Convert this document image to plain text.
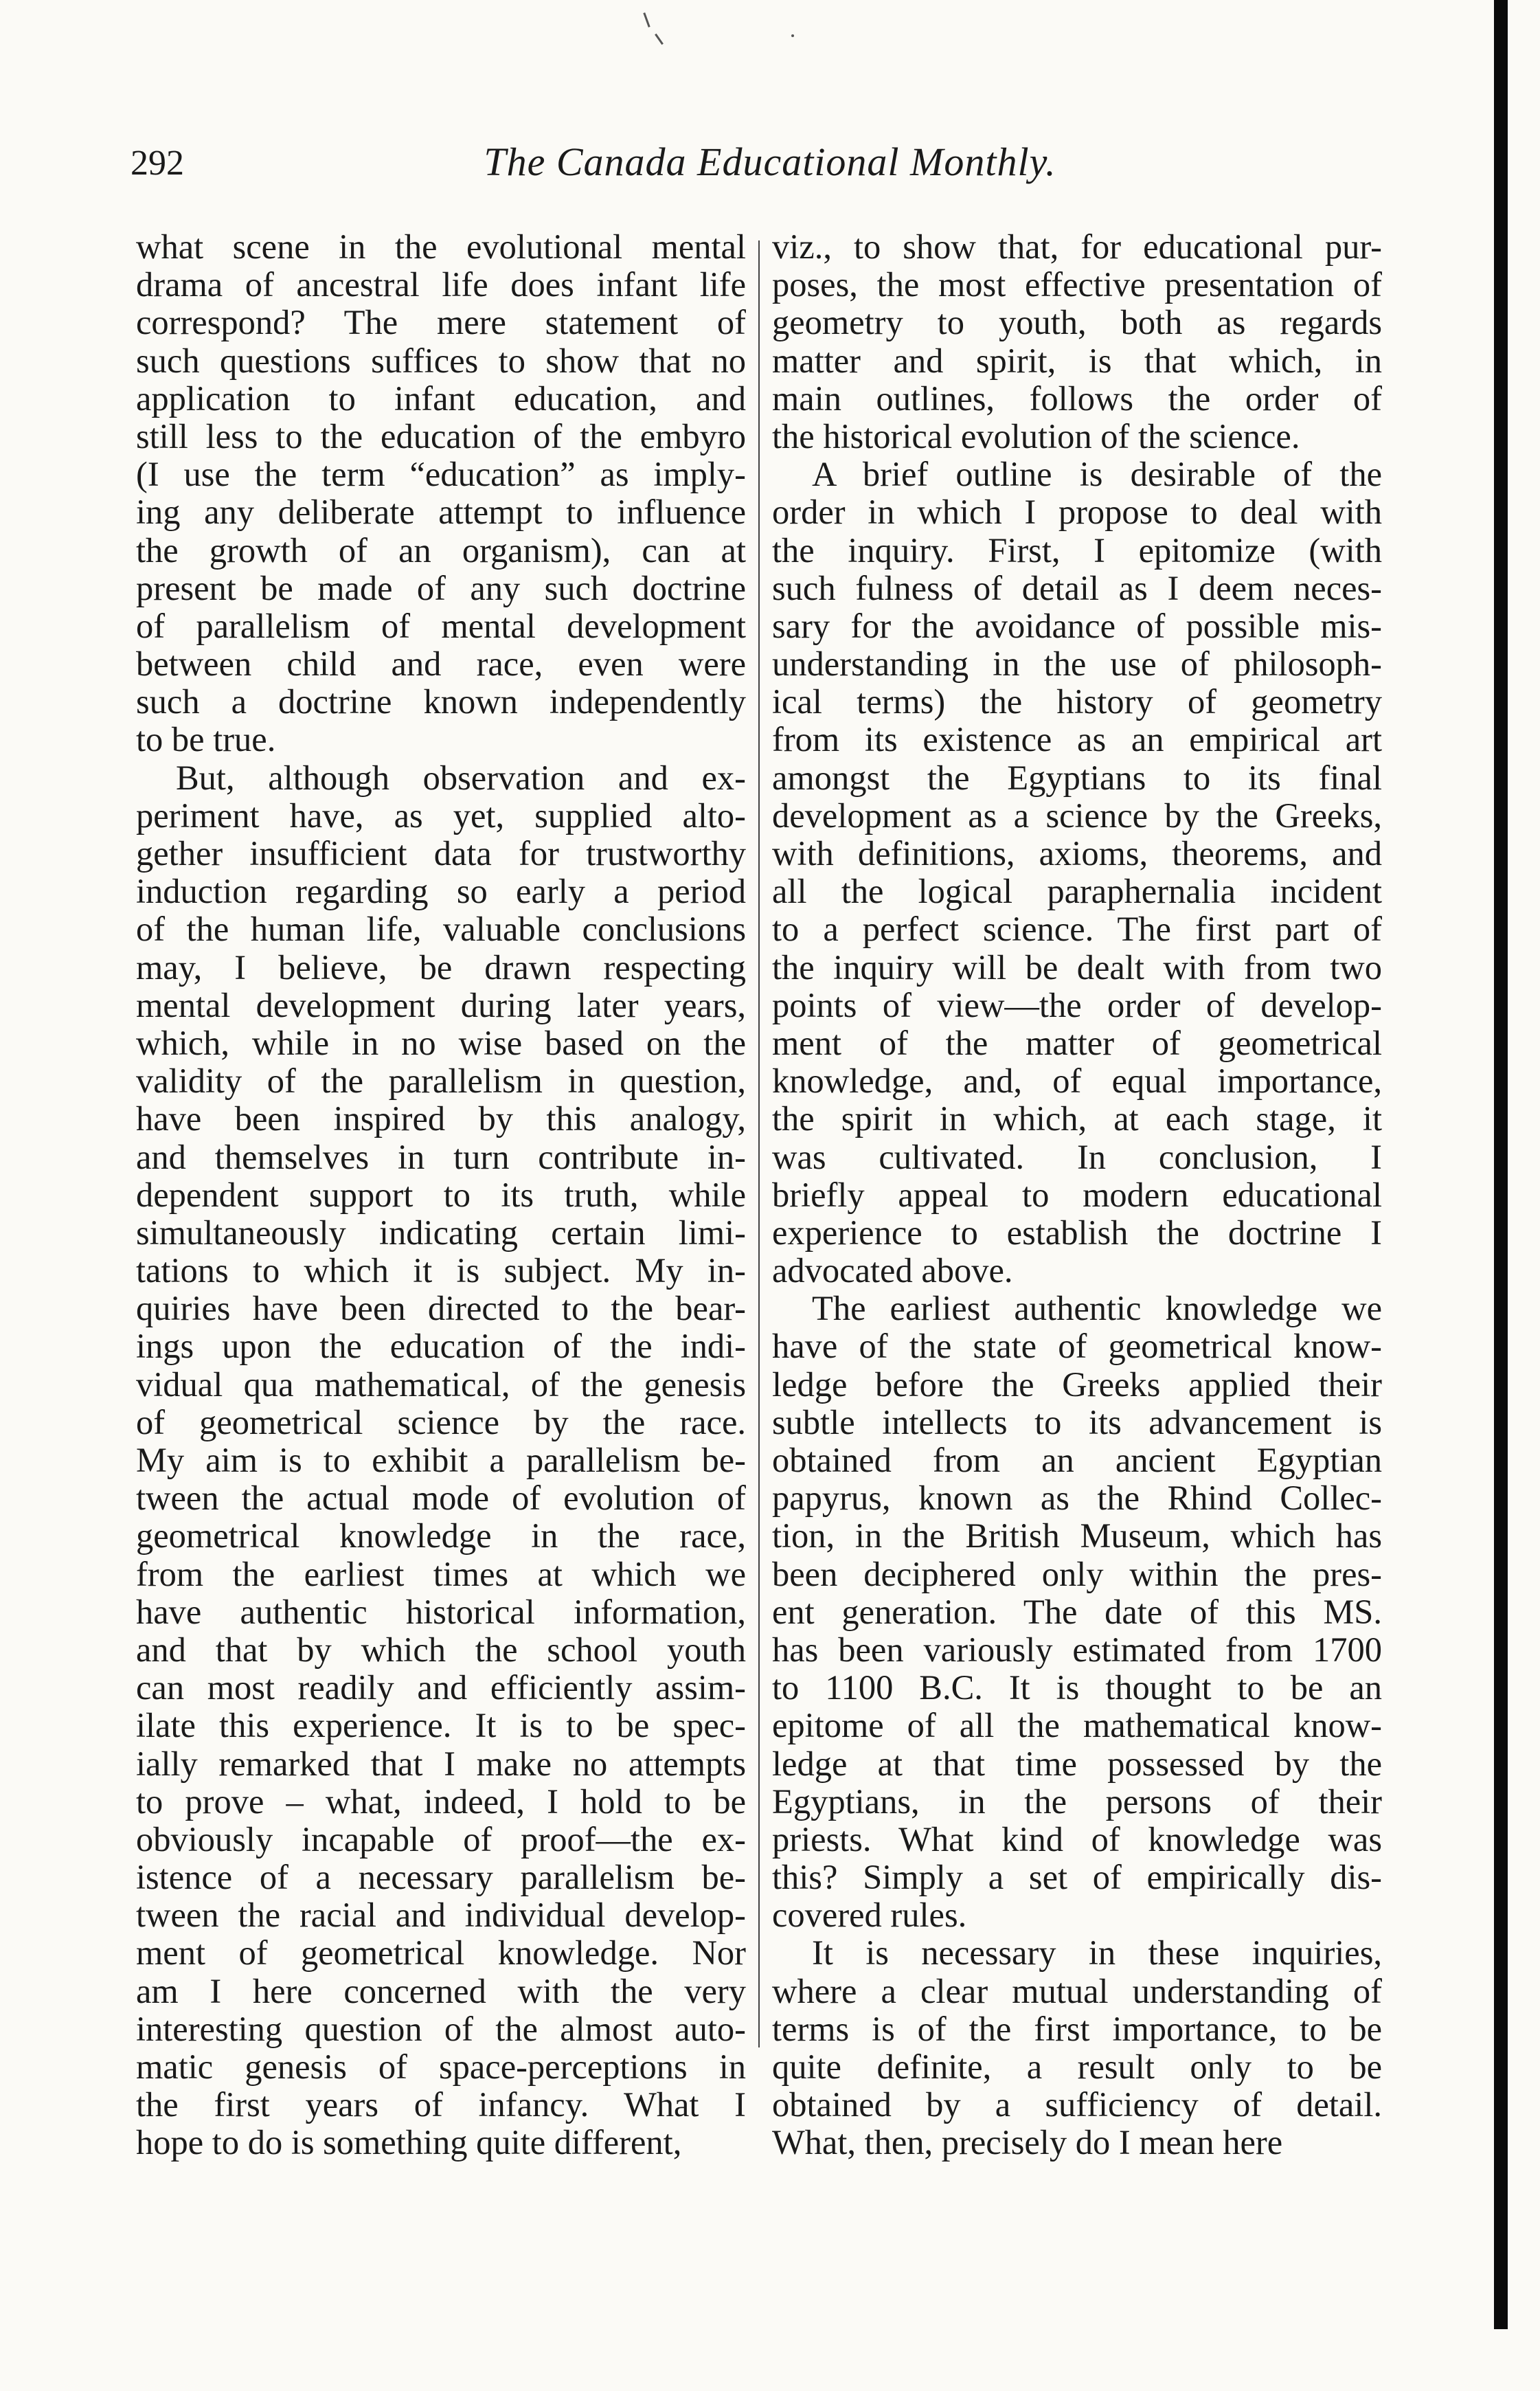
292	The Canada Educational Monthly.
what scene in the evolutional mental
drama of ancestral life does infant life
correspond? The mere statement of
such questions suffices to show that no
application to infant education, and
still less to the education of the embyro
(I use the term “education” as imply-
ing any deliberate attempt to influence
the growth of an organism), can at
present be made of any such doctrine
of parallelism of mental development
between child and race, even were
such a doctrine known independently
to be true.
But, although observation and ex-
periment have, as yet, supplied alto-
gether insufficient data for trustworthy
induction regarding so early a period
of the human life, valuable conclusions
may, I believe, be drawn respecting
mental development during later years,
which, while in no wise based on the
validity of the parallelism in question,
have been inspired by this analogy,
and themselves in turn contribute in-
dependent support to its truth, while
simultaneously indicating certain limi-
tations to which it is subject. My in-
quiries have been directed to the bear-
ings upon the education of the indi-
vidual qua mathematical, of the genesis
of geometrical science by the race.
My aim is to exhibit a parallelism be-
tween the actual mode of evolution of
geometrical knowledge in the race,
from the earliest times at which we
have authentic historical information,
and that by which the school youth
can most readily and efficiently assim-
ilate this experience. It is to be spec-
ially remarked that I make no attempts
to prove – what, indeed, I hold to be
obviously incapable of proof—the ex-
istence of a necessary parallelism be-
tween the racial and individual develop-
ment of geometrical knowledge. Nor
am I here concerned with the very
interesting question of the almost auto-
matic genesis of space-perceptions in
the first years of infancy. What I
hope to do is something quite different,
viz., to show that, for educational pur-
poses, the most effective presentation of
geometry to youth, both as regards
matter and spirit, is that which, in
main outlines, follows the order of
the historical evolution of the science.
A brief outline is desirable of the
order in which I propose to deal with
the inquiry. First, I epitomize (with
such fulness of detail as I deem neces-
sary for the avoidance of possible mis-
understanding in the use of philosoph-
ical terms) the history of geometry
from its existence as an empirical art
amongst the Egyptians to its final
development as a science by the Greeks,
with definitions, axioms, theorems, and
all the logical paraphernalia incident
to a perfect science. The first part of
the inquiry will be dealt with from two
points of view—the order of develop-
ment of the matter of geometrical
knowledge, and, of equal importance,
the spirit in which, at each stage, it
was cultivated. In conclusion, I
briefly appeal to modern educational
experience to establish the doctrine I
advocated above.
The earliest authentic knowledge we
have of the state of geometrical know-
ledge before the Greeks applied their
subtle intellects to its advancement is
obtained from an ancient Egyptian
papyrus, known as the Rhind Collec-
tion, in the British Museum, which has
been deciphered only within the pres-
ent generation. The date of this MS.
has been variously estimated from 1700
to 1100 B.C. It is thought to be an
epitome of all the mathematical know-
ledge at that time possessed by the
Egyptians, in the persons of their
priests. What kind of knowledge was
this? Simply a set of empirically dis-
covered rules.
It is necessary in these inquiries,
where a clear mutual understanding of
terms is of the first importance, to be
quite definite, a result only to be
obtained by a sufficiency of detail.
What, then, precisely do I mean here
